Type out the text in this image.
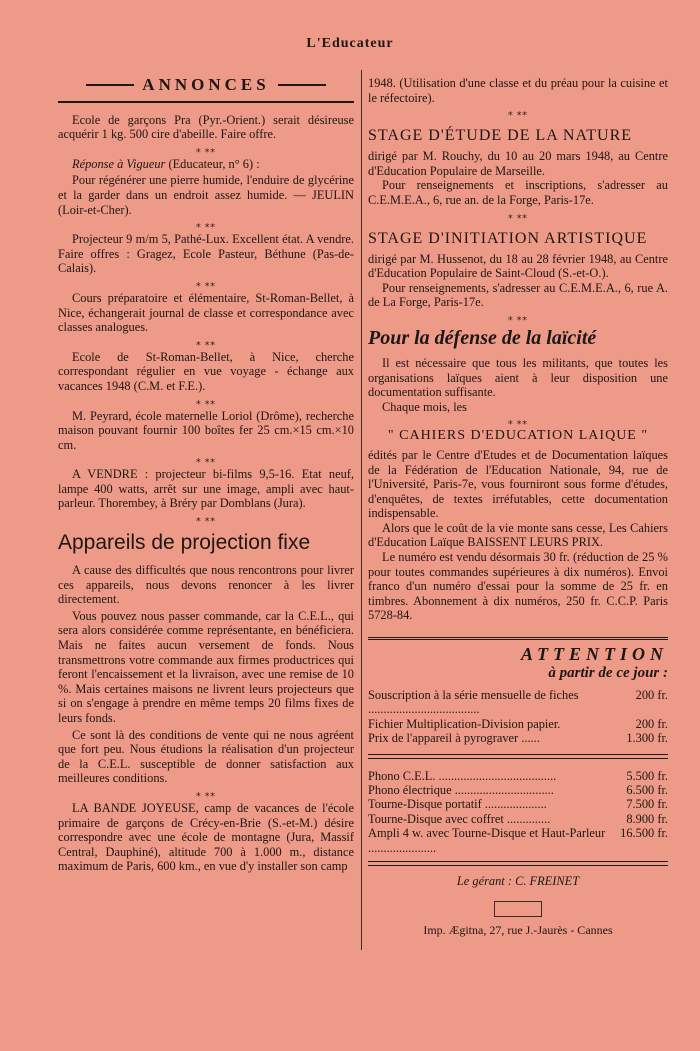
L'Educateur
ANNONCES

Ecole de garçons Pra (Pyr.-Orient.) serait désireuse acquérir 1 kg. 500 cire d'abeille. Faire offre.

⁎ ⁎⁎

Réponse à Vigueur (Educateur, n° 6) :

Pour régénérer une pierre humide, l'enduire de glycérine et la garder dans un endroit assez humide. — JEULIN (Loir-et-Cher).

⁎ ⁎⁎

Projecteur 9 m/m 5, Pathé-Lux. Excellent état. A vendre. Faire offres : Gragez, Ecole Pasteur, Béthune (Pas-de-Calais).

⁎ ⁎⁎

Cours préparatoire et élémentaire, St-Roman-Bellet, à Nice, échangerait journal de classe et correspondance avec classes analogues.

⁎ ⁎⁎

Ecole de St-Roman-Bellet, à Nice, cherche correspondant régulier en vue voyage - échange aux vacances 1948 (C.M. et F.E.).

⁎ ⁎⁎

M. Peyrard, école maternelle Loriol (Drôme), recherche maison pouvant fournir 100 boîtes fer 25 cm.×15 cm.×10 cm.

⁎ ⁎⁎

A VENDRE : projecteur bi-films 9,5-16. Etat neuf, lampe 400 watts, arrêt sur une image, ampli avec haut-parleur. Thorembey, à Bréry par Domblans (Jura).

⁎ ⁎⁎
Appareils de projection fixe

A cause des difficultés que nous rencontrons pour livrer ces appareils, nous devons renoncer à les livrer directement.

Vous pouvez nous passer commande, car la C.E.L., qui sera alors considérée comme représentante, en bénéficiera. Mais ne faites aucun versement de fonds. Nous transmettrons votre commande aux firmes productrices qui feront l'encaissement et la livraison, avec une remise de 10 %. Mais certaines maisons ne livrent leurs projecteurs que si on s'engage à prendre en même temps 20 films fixes de leurs fonds.

Ce sont là des conditions de vente qui ne nous agréent que fort peu. Nous étudions la réalisation d'un projecteur de la C.E.L. susceptible de donner satisfaction aux meilleures conditions.

⁎ ⁎⁎

LA BANDE JOYEUSE, camp de vacances de l'école primaire de garçons de Crécy-en-Brie (S.-et-M.) désire correspondre avec une école de montagne (Jura, Massif Central, Dauphiné), altitude 700 à 1.000 m., distance maximum de Paris, 600 km., en vue d'y installer son camp

1948. (Utilisation d'une classe et du préau pour la cuisine et le réfectoire).

⁎ ⁎⁎
STAGE D'ÉTUDE DE LA NATURE

dirigé par M. Rouchy, du 10 au 20 mars 1948, au Centre d'Education Populaire de Marseille.

Pour renseignements et inscriptions, s'adresser au C.E.M.E.A., 6, rue an. de la Forge, Paris-17e.

⁎ ⁎⁎
STAGE D'INITIATION ARTISTIQUE

dirigé par M. Hussenot, du 18 au 28 février 1948, au Centre d'Education Populaire de Saint-Cloud (S.-et-O.).

Pour renseignements, s'adresser au C.E.M.E.A., 6, rue A. de La Forge, Paris-17e.

⁎ ⁎⁎
Pour la défense de la laïcité

Il est nécessaire que tous les militants, que toutes les organisations laïques aient à leur disposition une documentation suffisante.

Chaque mois, les

⁎ ⁎⁎
" CAHIERS D'EDUCATION LAIQUE "

édités par le Centre d'Etudes et de Documentation laïques de la Fédération de l'Education Nationale, 94, rue de l'Université, Paris-7e, vous fourniront sous forme d'études, d'enquêtes, de textes irréfutables, cette documentation indispensable.

Alors que le coût de la vie monte sans cesse, Les Cahiers d'Education Laïque BAISSENT LEURS PRIX.

Le numéro est vendu désormais 30 fr. (réduction de 25 % pour toutes commandes supérieures à dix numéros). Envoi franco d'un numéro d'essai pour la somme de 25 fr. en timbres. Abonnement à dix numéros, 250 fr. C.C.P. Paris 5728-84.

ATTENTION
à partir de ce jour :
Souscription à la série mensuelle de fiches ....................................
200 fr.
Fichier Multiplication-Division papier.	200 fr.
Prix de l'appareil à pyrograver ......	1.300 fr.
Phono C.E.L. ......................................	5.500 fr.
Phono électrique ................................	6.500 fr.
Tourne-Disque portatif ....................	7.500 fr.
Tourne-Disque avec coffret ..............	8.900 fr.
Ampli 4 w. avec Tourne-Disque et Haut-Parleur ......................
16.500 fr.
Le gérant : C. FREINET
Imp. Ægitna, 27, rue J.-Jaurès - Cannes
